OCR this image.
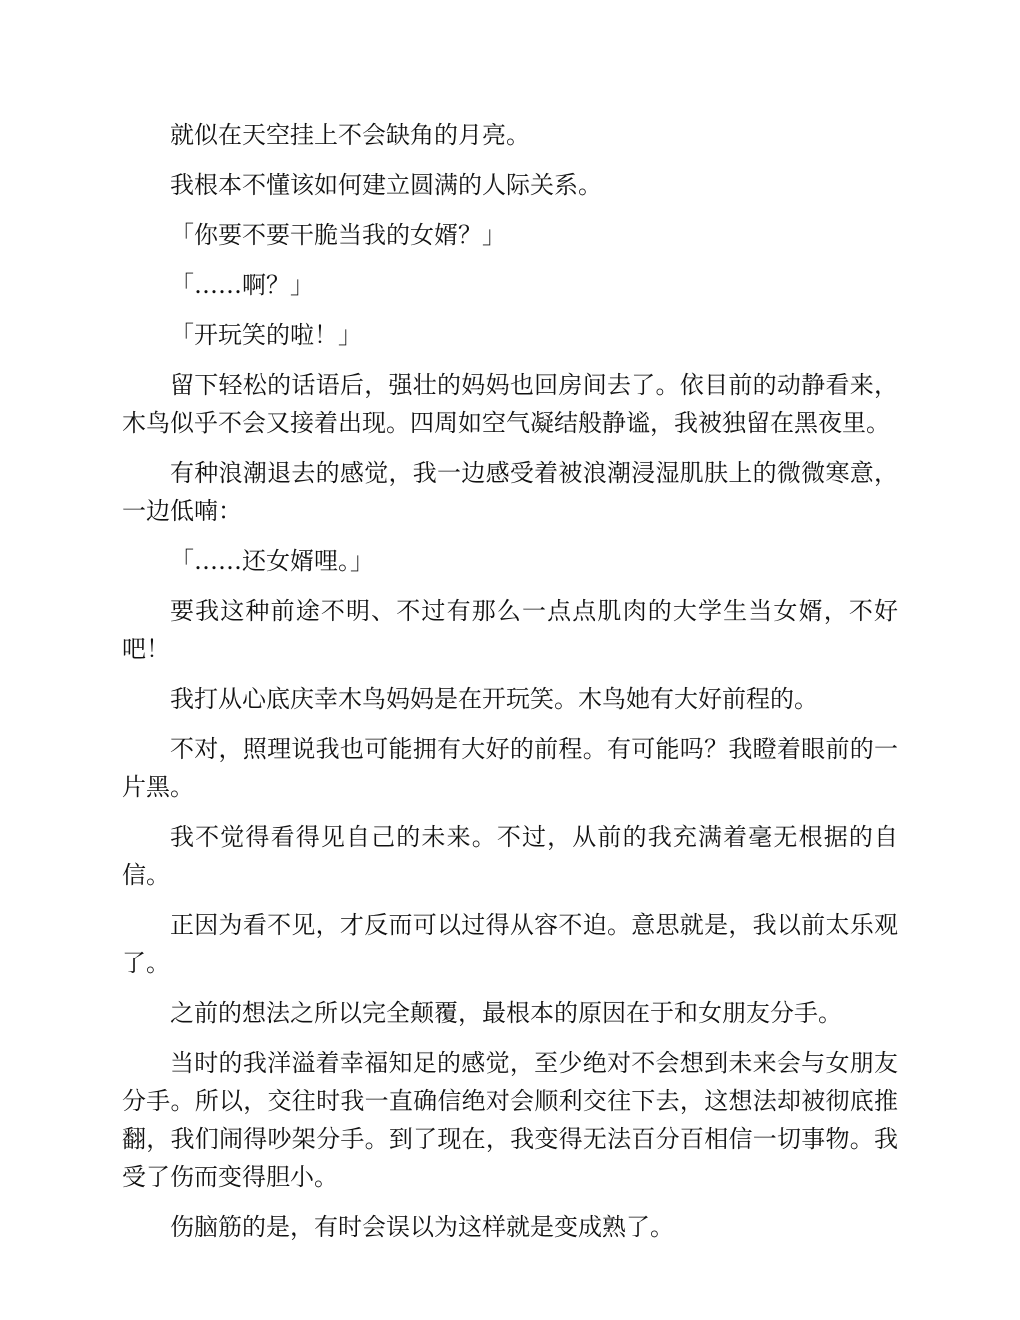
就似在天空挂上不会缺角的月亮。

我根本不懂该如何建立圆满的人际关系。

「你要不要干脆当我的女婿？」

「……啊？」

「开玩笑的啦！」

留下轻松的话语后，强壮的妈妈也回房间去了。依目前的动静看来，木鸟似乎不会又接着出现。四周如空气凝结般静谧，我被独留在黑夜里。

有种浪潮退去的感觉，我一边感受着被浪潮浸湿肌肤上的微微寒意，一边低喃：

「……还女婿哩。」

要我这种前途不明、不过有那么一点点肌肉的大学生当女婿，不好吧！

我打从心底庆幸木鸟妈妈是在开玩笑。木鸟她有大好前程的。

不对，照理说我也可能拥有大好的前程。有可能吗？我瞪着眼前的一片黑。

我不觉得看得见自己的未来。不过，从前的我充满着毫无根据的自信。

正因为看不见，才反而可以过得从容不迫。意思就是，我以前太乐观了。

之前的想法之所以完全颠覆，最根本的原因在于和女朋友分手。

当时的我洋溢着幸福知足的感觉，至少绝对不会想到未来会与女朋友分手。所以，交往时我一直确信绝对会顺利交往下去，这想法却被彻底推翻，我们闹得吵架分手。到了现在，我变得无法百分百相信一切事物。我受了伤而变得胆小。

伤脑筋的是，有时会误以为这样就是变成熟了。
